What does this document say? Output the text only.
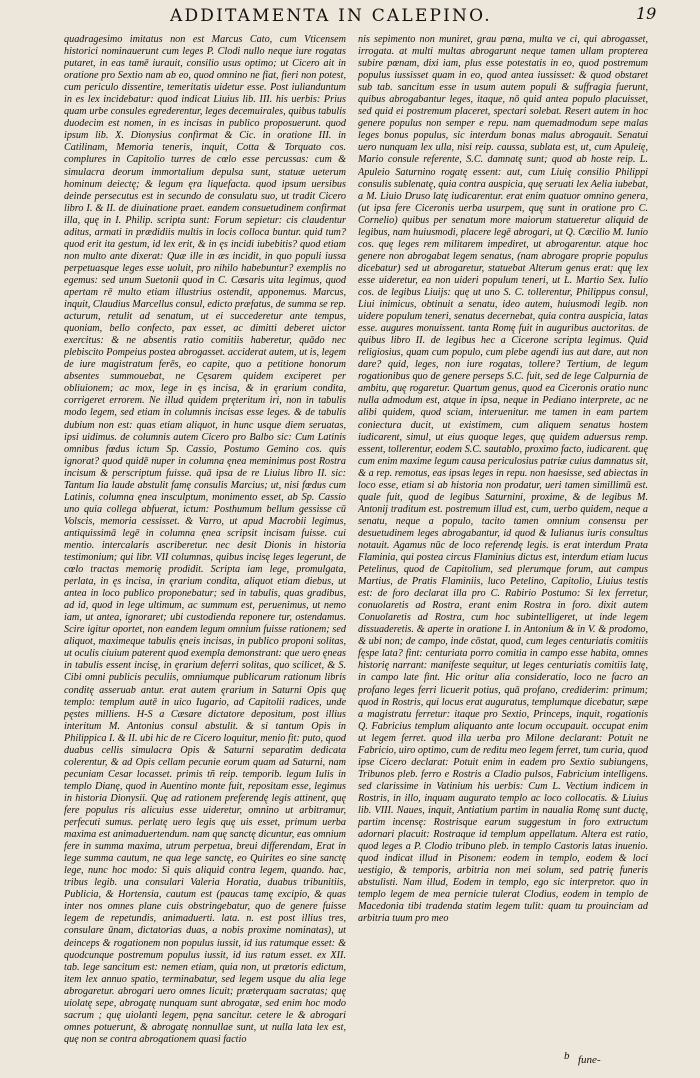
ADDITAMENTA IN CALEPINO.	19
quadragesimo imitatus non est Marcus Cato, cum Vticensem historici nominauerunt cum leges P. Clodi nullo neque iure rogatas putaret, in eas tamē iurauit, consilio usus optimo; ut Cicero ait in oratione pro Sextio nam ab eo, quod omnino ne fiat, fieri non potest, cum periculo dissentire, temeritatis uidetur esse. Post iulianduntum in es lex incidebatur: quod indicat Liuius lib. III. his uerbis: Prius quam urbe consules egrederentur, leges decemuirales, quibus tabulis duodecim est nomen, in es incisas in publico proposuerunt. quod ipsum lib. X. Dionysius confirmat & Cic. in oratione III. in Catilinam, Memoria teneris, inquit, Cotta & Torquato cos. complures in Capitolio turres de cœlo esse percussas: cum & simulacra deorum immortalium depulsa sunt, statuæ ueterum hominum deiectę; & legum ęra liquefacta. quod ipsum uersibus deinde persecutus est in secundo de consulatu suo, ut tradit Cicero libro I. & II. de diuinatione praet. eandem consuetudinem confirmat illa, quę in I. Philip. scripta sunt: Forum sepietur: cis claudentur aditus, armati in prædidiis multis in locis colloca buntur. quid tum? quod erit ita gestum, id lex erit, & in ęs incidi iubebitis? quod etiam non multo ante dixerat: Quæ ille in æs incidit, in quo populi iussa perpetuasque leges esse uoluit, pro nihilo habebuntur? exemplis no egemus: sed unum Suetonii quod in C. Cæsaris uita legimus, quod apertam rē multo etiam illustrius ostendit, apponemus. Marcus, inquit, Claudius Marcellus consul, edicto præfatus, de summa se rep. acturum, retulit ad senatum, ut ei succederetur ante tempus, quoniam, bello confecto, pax esset, ac dimitti deberet uictor exercitus: & ne absentis ratio comitiis haberetur, quādo nec plebiscito Pompeius postea abrogasset. acciderat autem, ut is, legem de iure magistratum ferēs, eo capite, quo a petitione honorum absentes summouebat, ne Cęsarem quidem exciperet per obliuionem; ac mox, lege in ęs incisa, & in ęrarium condita, corrigeret errorem. Ne illud quidem pręteritum iri, non in tabulis modo legem, sed etiam in columnis incisas esse leges. & de tabulis dubium non est: quas etiam aliquot, in hunc usque diem seruatas, ipsi uidimus. de columnis autem Cicero pro Balbo sic: Cum Latinis omnibus fœdus ictum Sp. Cassio, Postumo Gemino cos. quis ignorat? quod quidē nuper in columna ęnea meminimus post Rostra incisum & perscriptum fuisse. quā ipsa de re Liuius libro II. sic: Tantum Iia laude abstulit famę consulis Marcius; ut, nisi fœdus cum Latinis, columna ęnea insculptum, monimento esset, ab Sp. Cassio uno quia collega abfuerat, ictum: Posthumum bellum gessisse cū Volscis, memoria cessisset. & Varro, ut apud Macrobii legimus, antiquissimā legē in columna ęnea scripsit incisam fuisse. cui mentio. intercalaris ascriberetur. nec desit Dionis in historia testimonium; qui libr. VII columnas, quibus incisę leges legerunt, de cœlo tractas memorię prodidit. Scripta iam lege, promulgata, perlata, in ęs incisa, in ęrarium condita, aliquot etiam diebus, ut antea in loco publico proponebatur; sed in tabulis, quas gradibus, ad id, quod in lege ultimum, ac summum est, peruenimus, ut nemo iam, ut antea, ignoraret; ubi custodienda reponere tur, ostendamus. Scire igitur oportet, non eandem legum omnium fuisse rationem; sed aliquot, maximeque tabulis ęneis incisas, in publico proponi solitas, ut oculis ciuium paterent quod exempla demonstrant: que uero ęneas in tabulis essent incisę, in ęrarium deferri solitas, quo scilicet, & S. Cibi omni publicis peculiis, omniumque publicarum rationum libris conditę asseruab antur. erat autem ęrarium in Saturni Opis quę templo: templum autē in uico Iugario, ad Capitolii radices, unde pęstes milliens. H-S a Cæsare dictatore depositum, post illius interitum M. Antonius consul abstulit. & si tantum Opis in Philippica I. & II. ubi hic de re Cicero loquitur, menio fit: puto, quod duabus cellis simulacra Opis & Saturni separatim dedicata colerentur, & ad Opis cellam pecunie eorum quam ad Saturni, nam pecuniam Cesar locasset. primis tñ reip. temporib. legum Iulis in templo Dianę, quod in Auentino monte fuit, repositam esse, legimus in historia Dionysii. Quę ad rationem preferendę legis attinent, quę fere populus ris alicuius esse uideretur, omnino ut arbitramur, perfecuti sumus. perlatę uero legis quę uis esset, primum uerba maxima est animaduertendum. nam quę sanctę dicuntur, eas omnium fere in summa maxima, utrum perpetua, breui differendam, Erat in lege summa cautum, ne qua lege sanctę, eo Quirites eo sine sanctę lege, nunc hoc modo: Si quis aliquid contra legem, quando. hac, tribus legib. una consulari Valeria Horatia, duabus tribunitiis, Publicia, & Hortensia, cautum est (paucas tamę excipio, & quas inter nos omnes plane cuis obstringebatur, quo de genere fuisse legem de repetundis, animaduerti. lata. n. est post illius tres, consulare ūnam, dictatorias duas, a nobis proxime nominatas), ut deinceps & rogationem non populus iussit, id ius ratumque esset: & quodcunque postremum populus iussit, id ius ratum esset. ex XII. tab. lege sancitum est: nemen etiam, quia non, ut prætoris edictum, item lex annuo spatio, terminabatur, sed legem usque du alia lege abrogaretur. abrogari uero omnes licuit; præterquam sacratas; quę uiolatę sepe, abrogatę nunquam sunt abrogatæ, sed enim hoc modo sacrum ; quę uiolanti legem, pęna sancitur. cetere le & abrogari omnes potuerunt, & abrogatę nonnullae sunt, ut nulla lata lex est, quę non se contra abrogationem quasi factio
nis sepimento non muniret, grau pœna, multa ve ci, qui abrogasset, irrogata. at multi multas abrogarunt neque tamen ullam propterea subire pœnam, dixi iam, plus esse potestatis in eo, quod postremum populus iussisset quam in eo, quod antea iussisset: & quod obstaret sub tab. sancitum esse in usum autem populi & suffragia fuerunt, quibus abrogabantur leges, itaque, nō quid antea populo placuisset, sed quid ei postremum placeret, spectari solebat. Resert autem in hoc genere populus non semper e repu. nam quemadmodum sepe malas leges bonus populus, sic interdum bonas malus abrogauit. Senatui uero nunquam lex ulla, nisi reip. caussa, sublata est, ut, cum Apuleię, Mario consule referente, S.C. damnatę sunt; quod ab hoste reip. L. Apuleio Saturnino rogatę essent: aut, cum Liuię consilio Philippi consulis sublenatę, quia contra auspicia, quę seruati lex Aelia iubebat, a M. Liuio Druso latę iudicarentur. erat enim quatuor omnino genera, (ut ipsa fere Ciceronis uerba usurpem, quę sunt in oratione pro C. Cornelio) quibus per senatum more maiorum statueretur aliquid de legibus, nam huiusmodi, placere legē abrogari, ut Q. Cæcilio M. Iunio cos. quę leges rem militarem impediret, ut abrogarentur. atque hoc genere non abrogabat legem senatus, (nam abrogare proprie populus dicebatur) sed ut abrogaretur, statuebat Alterum genus erat: quę lex esse uideretur, ea non uideri populum teneri, ut L. Martio Sex. Iulio cos. de legibus Liuijs: quę ut uno S. C. tollerentur, Philippus consul, Liui inimicus, obtinuit a senatu, ideo autem, huiusmodi legib. non uidere populum teneri, senatus decernebat, quia contra auspicia, latas esse. augures monuissent. tanta Romę fuit in auguribus auctoritas. de quibus libro II. de legibus hec a Cicerone scripta legimus. Quid religiosius, quam cum populo, cum plebe agendi ius aut dare, aut non dare? quid, leges, non iure rogatas, tollere? Tertium, de legum rogationibus quo de genere perseps S.C. fuit, sed de lege Calpurnia de ambitu, quę rogaretur. Quartum genus, quod ea Ciceronis oratio nunc nulla admodum est, atque in ipsa, neque in Pediano interprete, ac ne alibi quidem, quod sciam, interuenitur. me tamen in eam partem coniectura ducit, ut existimem, cum aliquem senatus hostem iudicarent, simul, ut eius quoque leges, quę quidem aduersus remp. essent, tollerentur, eodem S.C. sautablo, proximo facto, iudicarent. quę cum enim maxime legum causa periculosius patriæ cuius damnatus sit, & a rep. remotus, eas ipsas leges in repu. non haesisse, sed abiectas in loco esse, etiam si ab historia non prodatur, ueri tamen simillimū est. quale fuit, quod de legibus Saturnini, proxime, & de legibus M. Antonij traditum est. postremum illud est, cum, uerbo quidem, neque a senatu, neque a populo, tacito tamen omnium consensu per desuetudinem leges abrogabantur, id quod & Iulianus iuris consultus notauit. Agamus nūc de loco referendę legis. is erat interdum Prata Flaminia, qui postea circus Flaminius dictus est, interdum etiam lucus Petelinus, quod de Capitolium, sed plerumque forum, aut campus Martius, de Pratis Flaminiis, luco Petelino, Capitolio, Liuius testis est: de foro declarat illa pro C. Rabirio Postumo: Si lex ferretur, conuolaretis ad Rostra, erant enim Rostra in foro. dixit autem Conuolaretis ad Rostra, cum hoc subintelligeret, ut inde legem dissuaderetis. & aperte in oratione I. in Antonium & in V. & prodomo, & ubi non; de campo, inde cōstat, quod, cum leges centuriatis comitiis fęspe lata? fint: centuriata porro comitia in campo esse habita, omnes historię narrant: manifeste sequitur, ut leges centuriatis comitiis latę, in campo late fint. Hic oritur alia consideratio, loco ne facro an profano leges ferri licuerit potius, quā profano, crediderim: primum; quod in Rostris, qui locus erat auguratus, templumque dicebatur, sæpe a magistratu ferretur: itaque pro Sextio, Princeps, inquit, rogationis Q. Fabricius templum aliquanto ante locum occupauit. occupat enim ut legem ferret. quod illa uerba pro Milone declarant: Potuit ne Fabricio, uiro optimo, cum de reditu meo legem ferret, tum curia, quod ipse Cicero declarat: Potuit enim in eadem pro Sextio subiungens, Tribunos pleb. ferro e Rostris a Cladio pulsos, Fabricium intelligens. sed clarissime in Vatinium his uerbis: Cum L. Vectium indicem in Rostris, in illo, inquam augurato templo ac loco collocatis. & Liuius lib. VIII. Naues, inquit, Antiatium partim in naualia Romę sunt ductę, partim incensę: Rostrisque earum suggestum in foro extructum adornari placuit: Rostraque id templum appellatum. Altera est ratio, quod leges a P. Clodio tribuno pleb. in templo Castoris latas inuenio. quod indicat illud in Pisonem: eodem in templo, eodem & loci uestigio, & temporis, arbitria non mei solum, sed patrię funeris abstulisti. Nam illud, Eodem in templo, ego sic interpretor. quo in templo legem de mea pernicie tulerat Clodius, eodem in templo de Macedonia tibi tradenda statim legem tulit: quam tu prouinciam ad arbitria tuum pro meo
b fune-
